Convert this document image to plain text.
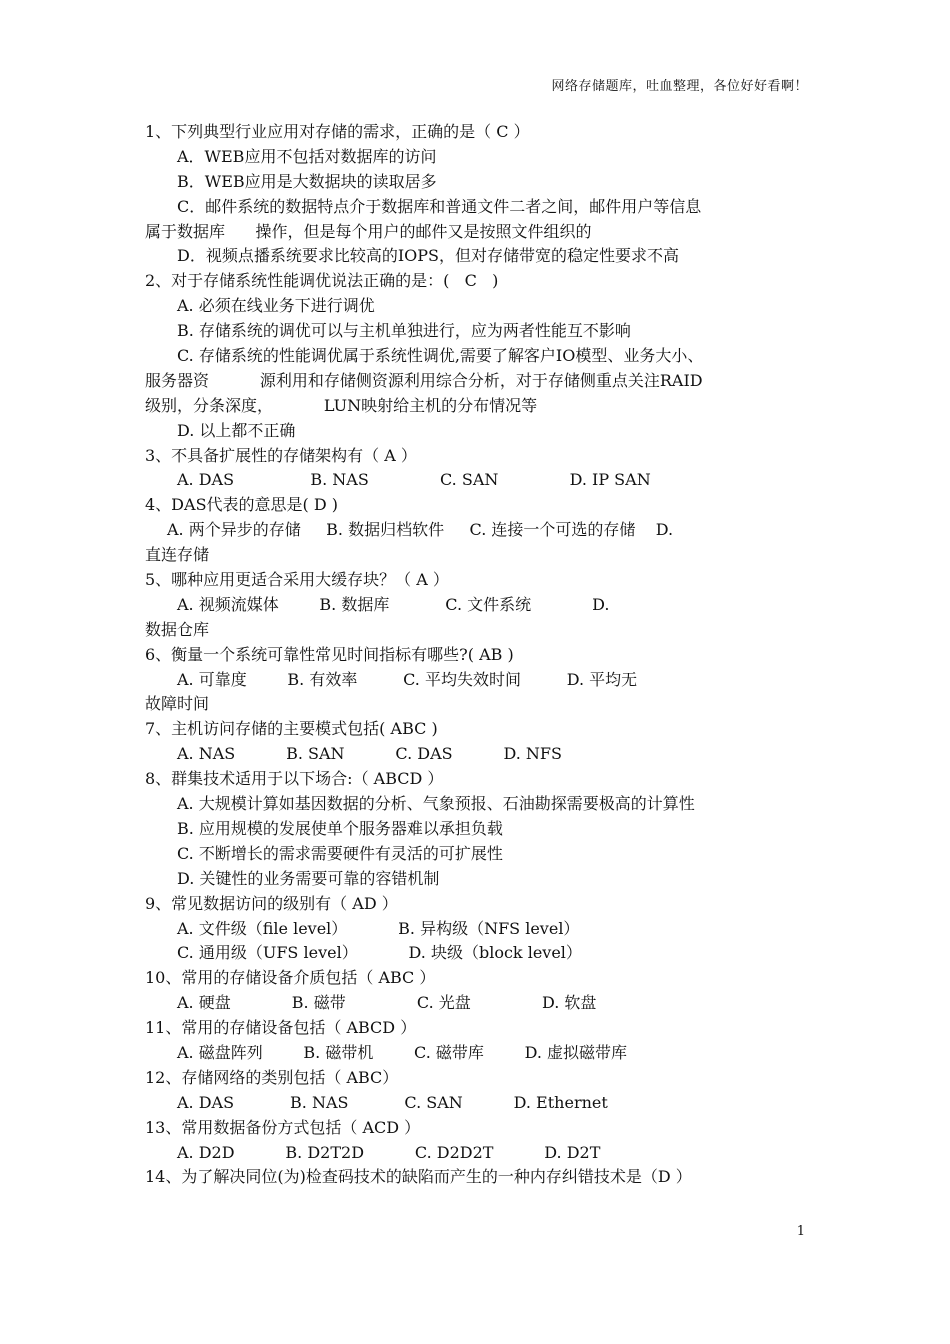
网络存储题库，吐血整理，各位好好看啊！
1、下列典型行业应用对存储的需求，正确的是（ C ）
A．WEB应用不包括对数据库的访问
B．WEB应用是大数据块的读取居多
C．邮件系统的数据特点介于数据库和普通文件二者之间，邮件用户等信息
属于数据库      操作，但是每个用户的邮件又是按照文件组织的
D．视频点播系统要求比较高的IOPS，但对存储带宽的稳定性要求不高
2、对于存储系统性能调优说法正确的是：(   C   )
A. 必须在线业务下进行调优
B. 存储系统的调优可以与主机单独进行，应为两者性能互不影响
C. 存储系统的性能调优属于系统性调优,需要了解客户IO模型、业务大小、
服务器资          源利用和存储侧资源利用综合分析，对于存储侧重点关注RAID
级别，分条深度，          LUN映射给主机的分布情况等
D. 以上都不正确
3、不具备扩展性的存储架构有（ A ）
A. DAS               B. NAS              C. SAN              D. IP SAN
4、DAS代表的意思是( D )
A. 两个异步的存储     B. 数据归档软件     C. 连接一个可选的存储    D.
直连存储
5、哪种应用更适合采用大缓存块？（ A ）
A. 视频流媒体        B. 数据库           C. 文件系统            D.
数据仓库
6、衡量一个系统可靠性常见时间指标有哪些?( AB )
A. 可靠度        B. 有效率         C. 平均失效时间         D. 平均无
故障时间
7、主机访问存储的主要模式包括( ABC )
A. NAS          B. SAN          C. DAS          D. NFS
8、群集技术适用于以下场合:（ ABCD ）
A. 大规模计算如基因数据的分析、气象预报、石油勘探需要极高的计算性
B. 应用规模的发展使单个服务器难以承担负载
C. 不断增长的需求需要硬件有灵活的可扩展性
D. 关键性的业务需要可靠的容错机制
9、常见数据访问的级别有（ AD ）
A. 文件级（file level）          B. 异构级（NFS level）
C. 通用级（UFS level）          D. 块级（block level）
10、常用的存储设备介质包括（ ABC ）
A. 硬盘            B. 磁带              C. 光盘              D. 软盘
11、常用的存储设备包括（ ABCD ）
A. 磁盘阵列        B. 磁带机        C. 磁带库        D. 虚拟磁带库
12、存储网络的类别包括（ ABC）
A. DAS           B. NAS           C. SAN          D. Ethernet
13、常用数据备份方式包括（ ACD ）
A. D2D          B. D2T2D          C. D2D2T          D. D2T
14、为了解决同位(为)检查码技术的缺陷而产生的一种内存纠错技术是（D ）
1
